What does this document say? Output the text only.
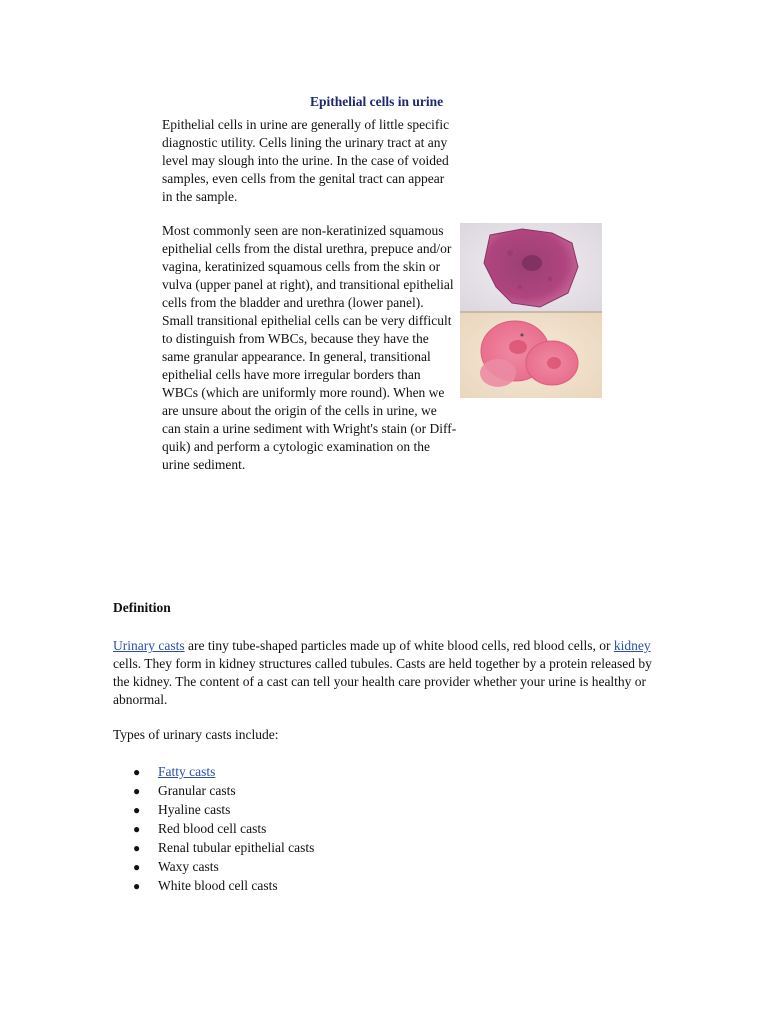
Epithelial cells in urine

Epithelial cells in urine are generally of little specific diagnostic utility. Cells lining the urinary tract at any level may slough into the urine. In the case of voided samples, even cells from the genital tract can appear in the sample.

Most commonly seen are non-keratinized squamous epithelial cells from the distal urethra, prepuce and/or vagina, keratinized squamous cells from the skin or vulva (upper panel at right), and transitional epithelial cells from the bladder and urethra (lower panel). Small transitional epithelial cells can be very difficult to distinguish from WBCs, because they have the same granular appearance. In general, transitional epithelial cells have more irregular borders than WBCs (which are uniformly more round). When we are unsure about the origin of the cells in urine, we can stain a urine sediment with Wright's stain (or Diff-quik) and perform a cytologic examination on the urine sediment.

Definition

Urinary casts are tiny tube-shaped particles made up of white blood cells, red blood cells, or kidney cells. They form in kidney structures called tubules. Casts are held together by a protein released by the kidney. The content of a cast can tell your health care provider whether your urine is healthy or abnormal.

Types of urinary casts include:

● Fatty casts
● Granular casts
● Hyaline casts
● Red blood cell casts
● Renal tubular epithelial casts
● Waxy casts
● White blood cell casts
